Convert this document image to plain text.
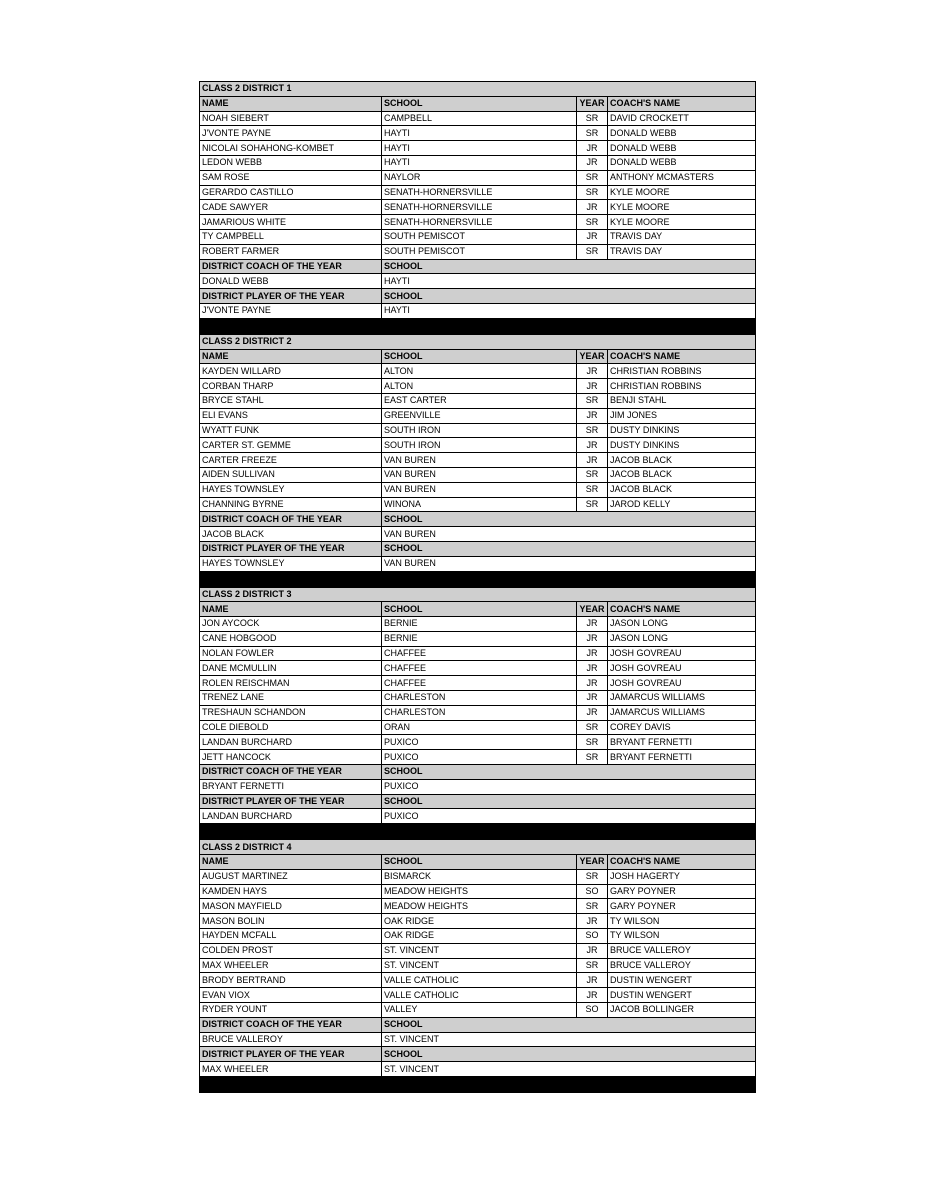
CLASS 2 DISTRICT 1			
NAME	SCHOOL	YEAR	COACH'S NAME
NOAH SIEBERT	CAMPBELL	SR	DAVID CROCKETT
J'VONTE PAYNE	HAYTI	SR	DONALD WEBB
NICOLAI SOHAHONG-KOMBET	HAYTI	JR	DONALD WEBB
LEDON WEBB	HAYTI	JR	DONALD WEBB
SAM ROSE	NAYLOR	SR	ANTHONY MCMASTERS
GERARDO CASTILLO	SENATH-HORNERSVILLE	SR	KYLE MOORE
CADE SAWYER	SENATH-HORNERSVILLE	JR	KYLE MOORE
JAMARIOUS WHITE	SENATH-HORNERSVILLE	SR	KYLE MOORE
TY CAMPBELL	SOUTH PEMISCOT	JR	TRAVIS DAY
ROBERT FARMER	SOUTH PEMISCOT	SR	TRAVIS DAY
DISTRICT COACH OF THE YEAR	SCHOOL		
DONALD WEBB	HAYTI		
DISTRICT PLAYER OF THE YEAR	SCHOOL		
J'VONTE PAYNE	HAYTI		

CLASS 2 DISTRICT 2			
NAME	SCHOOL	YEAR	COACH'S NAME
KAYDEN WILLARD	ALTON	JR	CHRISTIAN ROBBINS
CORBAN THARP	ALTON	JR	CHRISTIAN ROBBINS
BRYCE STAHL	EAST CARTER	SR	BENJI STAHL
ELI EVANS	GREENVILLE	JR	JIM JONES
WYATT FUNK	SOUTH IRON	SR	DUSTY DINKINS
CARTER ST. GEMME	SOUTH IRON	JR	DUSTY DINKINS
CARTER FREEZE	VAN BUREN	JR	JACOB BLACK
AIDEN SULLIVAN	VAN BUREN	SR	JACOB BLACK
HAYES TOWNSLEY	VAN BUREN	SR	JACOB BLACK
CHANNING BYRNE	WINONA	SR	JAROD KELLY
DISTRICT COACH OF THE YEAR	SCHOOL		
JACOB BLACK	VAN BUREN		
DISTRICT PLAYER OF THE YEAR	SCHOOL		
HAYES TOWNSLEY	VAN BUREN		

CLASS 2 DISTRICT 3			
NAME	SCHOOL	YEAR	COACH'S NAME
JON AYCOCK	BERNIE	JR	JASON LONG
CANE HOBGOOD	BERNIE	JR	JASON LONG
NOLAN FOWLER	CHAFFEE	JR	JOSH GOVREAU
DANE MCMULLIN	CHAFFEE	JR	JOSH GOVREAU
ROLEN REISCHMAN	CHAFFEE	JR	JOSH GOVREAU
TRENEZ LANE	CHARLESTON	JR	JAMARCUS WILLIAMS
TRESHAUN SCHANDON	CHARLESTON	JR	JAMARCUS WILLIAMS
COLE DIEBOLD	ORAN	SR	COREY DAVIS
LANDAN BURCHARD	PUXICO	SR	BRYANT FERNETTI
JETT HANCOCK	PUXICO	SR	BRYANT FERNETTI
DISTRICT COACH OF THE YEAR	SCHOOL		
BRYANT FERNETTI	PUXICO		
DISTRICT PLAYER OF THE YEAR	SCHOOL		
LANDAN BURCHARD	PUXICO		

CLASS 2 DISTRICT 4			
NAME	SCHOOL	YEAR	COACH'S NAME
AUGUST MARTINEZ	BISMARCK	SR	JOSH HAGERTY
KAMDEN HAYS	MEADOW HEIGHTS	SO	GARY POYNER
MASON MAYFIELD	MEADOW HEIGHTS	SR	GARY POYNER
MASON BOLIN	OAK RIDGE	JR	TY WILSON
HAYDEN MCFALL	OAK RIDGE	SO	TY WILSON
COLDEN PROST	ST. VINCENT	JR	BRUCE VALLEROY
MAX WHEELER	ST. VINCENT	SR	BRUCE VALLEROY
BRODY BERTRAND	VALLE CATHOLIC	JR	DUSTIN WENGERT
EVAN VIOX	VALLE CATHOLIC	JR	DUSTIN WENGERT
RYDER YOUNT	VALLEY	SO	JACOB BOLLINGER
DISTRICT COACH OF THE YEAR	SCHOOL		
BRUCE VALLEROY	ST. VINCENT		
DISTRICT PLAYER OF THE YEAR	SCHOOL		
MAX WHEELER	ST. VINCENT		
